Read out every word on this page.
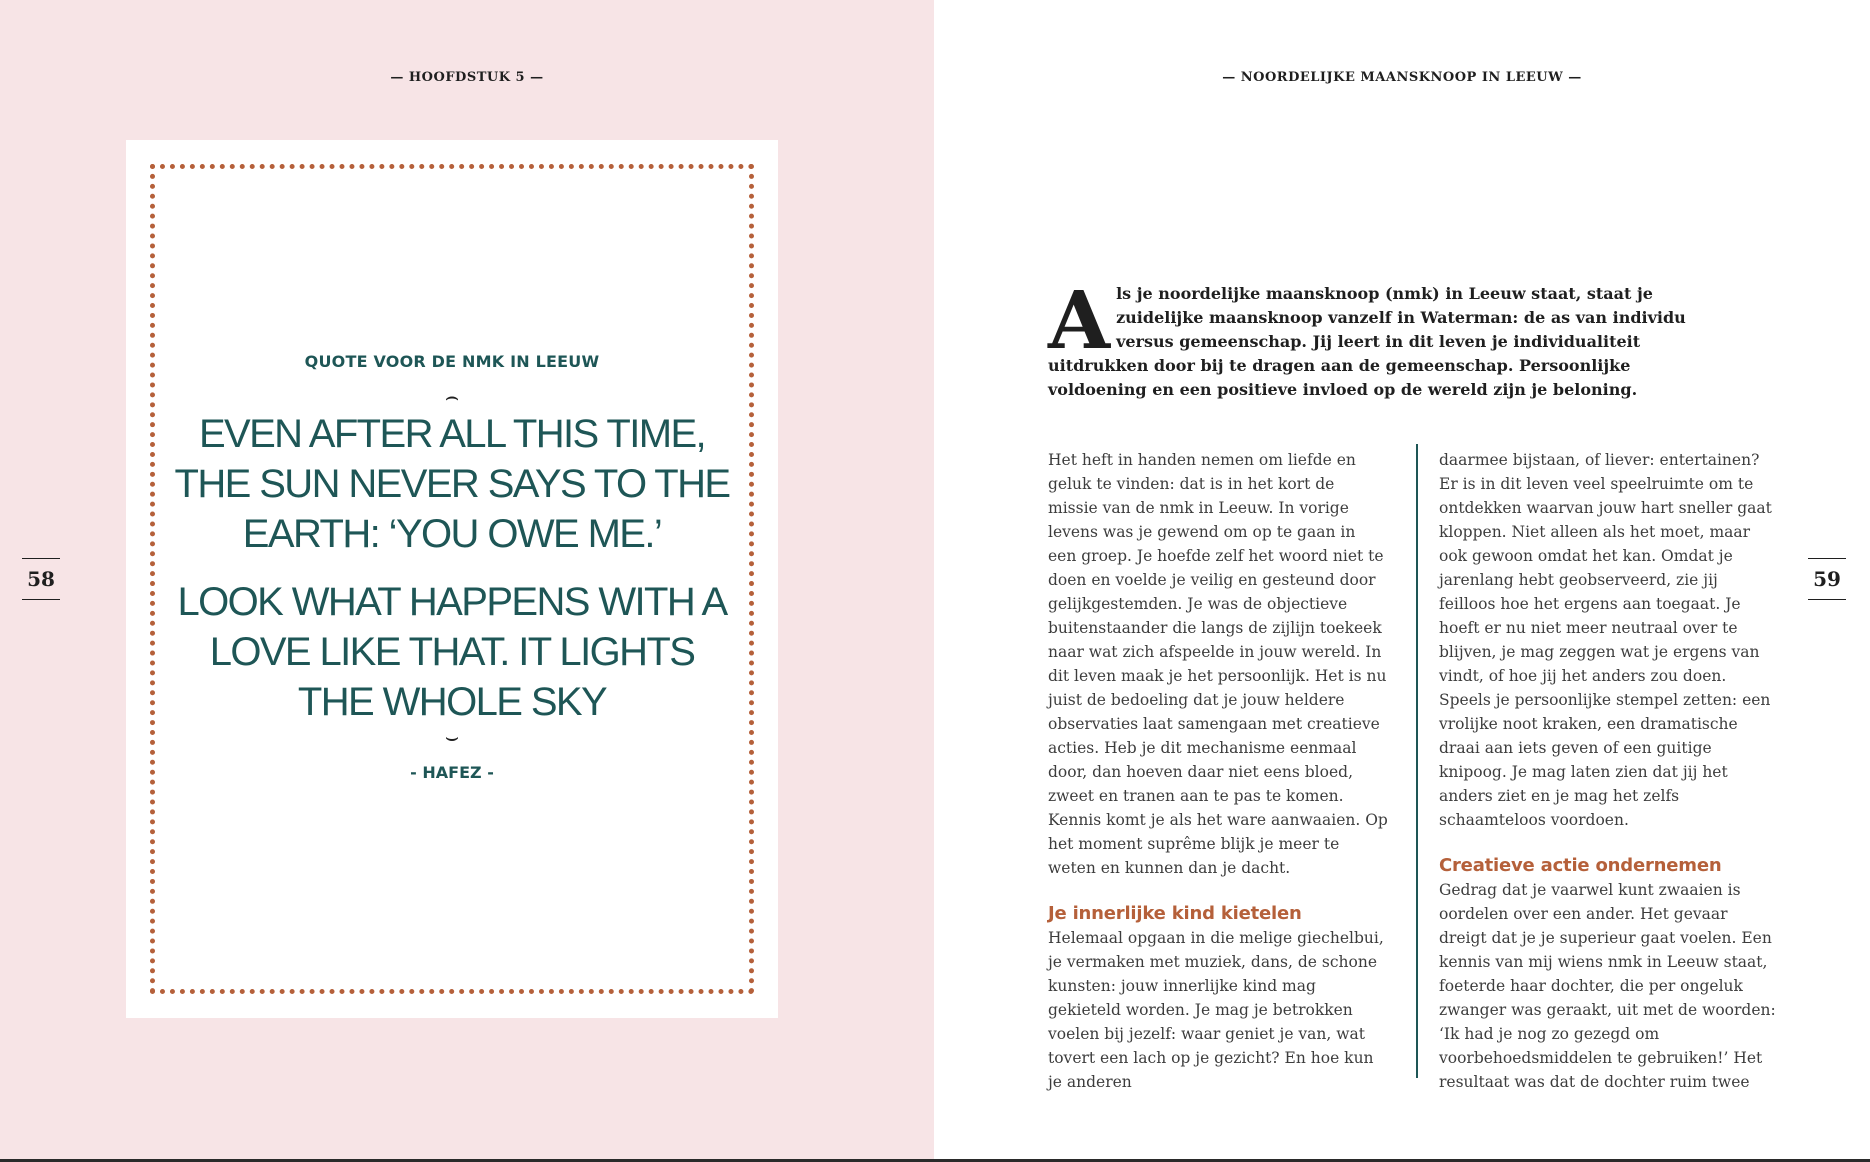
— HOOFDSTUK 5 —
QUOTE VOOR DE NMK IN LEEUW
⌢

EVEN AFTER ALL THIS TIME, THE SUN NEVER SAYS TO THE EARTH: ‘YOU OWE ME.’

LOOK WHAT HAPPENS WITH A LOVE LIKE THAT. IT LIGHTS THE WHOLE SKY

⌣
- HAFEZ -
58
— NOORDELIJKE MAANSKNOOP IN LEEUW —
A ls je noordelijke maansknoop (nmk) in Leeuw staat, staat je zuidelijke maansknoop vanzelf in Waterman: de as van individu versus gemeenschap. Jij leert in dit leven je individualiteit uitdrukken door bij te dragen aan de gemeenschap. Persoonlijke voldoening en een positieve invloed op de wereld zijn je beloning.

Het heft in handen nemen om liefde en geluk te vinden: dat is in het kort de missie van de nmk in Leeuw. In vorige levens was je gewend om op te gaan in een groep. Je hoefde zelf het woord niet te doen en voelde je veilig en gesteund door gelijkgestemden. Je was de objectieve buitenstaander die langs de zijlijn toekeek naar wat zich afspeelde in jouw wereld. In dit leven maak je het persoonlijk. Het is nu juist de bedoeling dat je jouw heldere observaties laat samengaan met creatieve acties. Heb je dit mechanisme eenmaal door, dan hoeven daar niet eens bloed, zweet en tranen aan te pas te komen. Kennis komt je als het ware aanwaaien. Op het moment suprême blijk je meer te weten en kunnen dan je dacht.

Je innerlijke kind kietelen

Helemaal opgaan in die melige giechelbui, je vermaken met muziek, dans, de schone kunsten: jouw innerlijke kind mag gekieteld worden. Je mag je betrokken voelen bij jezelf: waar geniet je van, wat tovert een lach op je gezicht? En hoe kun je anderen

daarmee bijstaan, of liever: entertainen? Er is in dit leven veel speelruimte om te ontdekken waarvan jouw hart sneller gaat kloppen. Niet alleen als het moet, maar ook gewoon omdat het kan. Omdat je jarenlang hebt geobserveerd, zie jij feilloos hoe het ergens aan toegaat. Je hoeft er nu niet meer neutraal over te blijven, je mag zeggen wat je ergens van vindt, of hoe jij het anders zou doen. Speels je persoonlijke stempel zetten: een vrolijke noot kraken, een dramatische draai aan iets geven of een guitige knipoog. Je mag laten zien dat jij het anders ziet en je mag het zelfs schaamteloos voordoen.

Creatieve actie ondernemen

Gedrag dat je vaarwel kunt zwaaien is oordelen over een ander. Het gevaar dreigt dat je je superieur gaat voelen. Een kennis van mij wiens nmk in Leeuw staat, foeterde haar dochter, die per ongeluk zwanger was geraakt, uit met de woorden: ‘Ik had je nog zo gezegd om voorbehoedsmiddelen te gebruiken!’ Het resultaat was dat de dochter ruim twee

59
